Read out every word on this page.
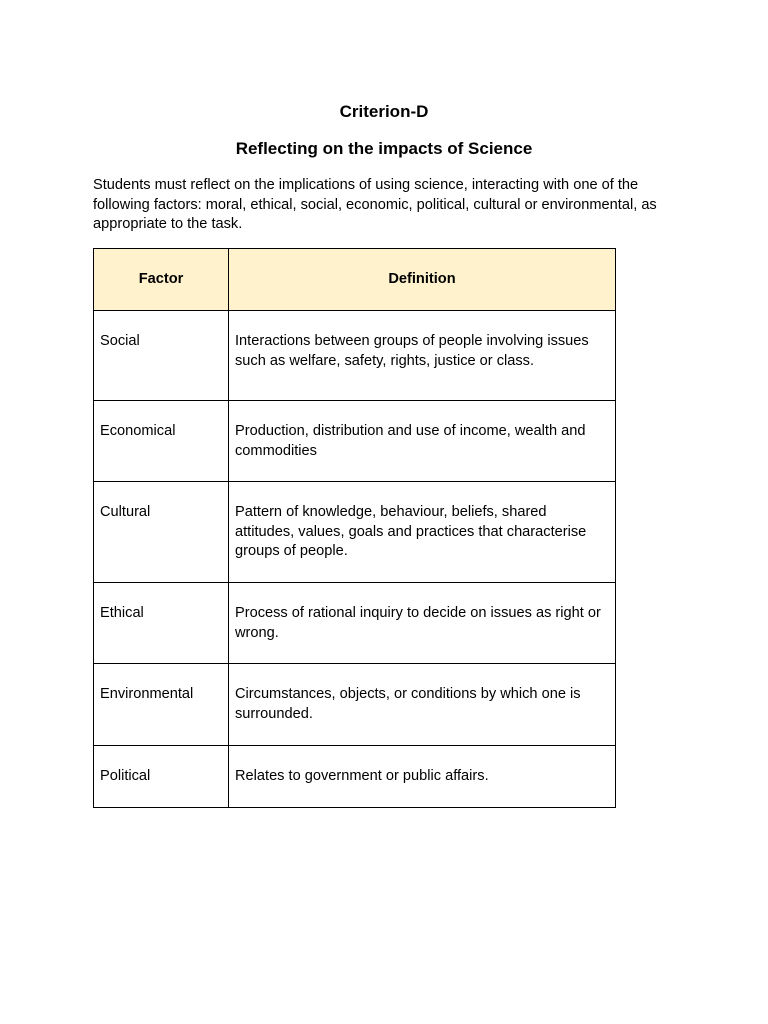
Criterion-D
Reflecting on the impacts of Science

Students must reflect on the implications of using science, interacting with one of the following factors: moral, ethical, social, economic, political, cultural or environmental, as appropriate to the task.

Factor	Definition

Social	Interactions between groups of people involving issues such as welfare, safety, rights, justice or class.

Economical	Production, distribution and use of income, wealth and commodities

Cultural	Pattern of knowledge, behaviour, beliefs, shared attitudes, values, goals and practices that characterise groups of people.

Ethical	Process of rational inquiry to decide on issues as right or wrong.

Environmental	Circumstances, objects, or conditions by which one is surrounded.

Political	Relates to government or public affairs.
